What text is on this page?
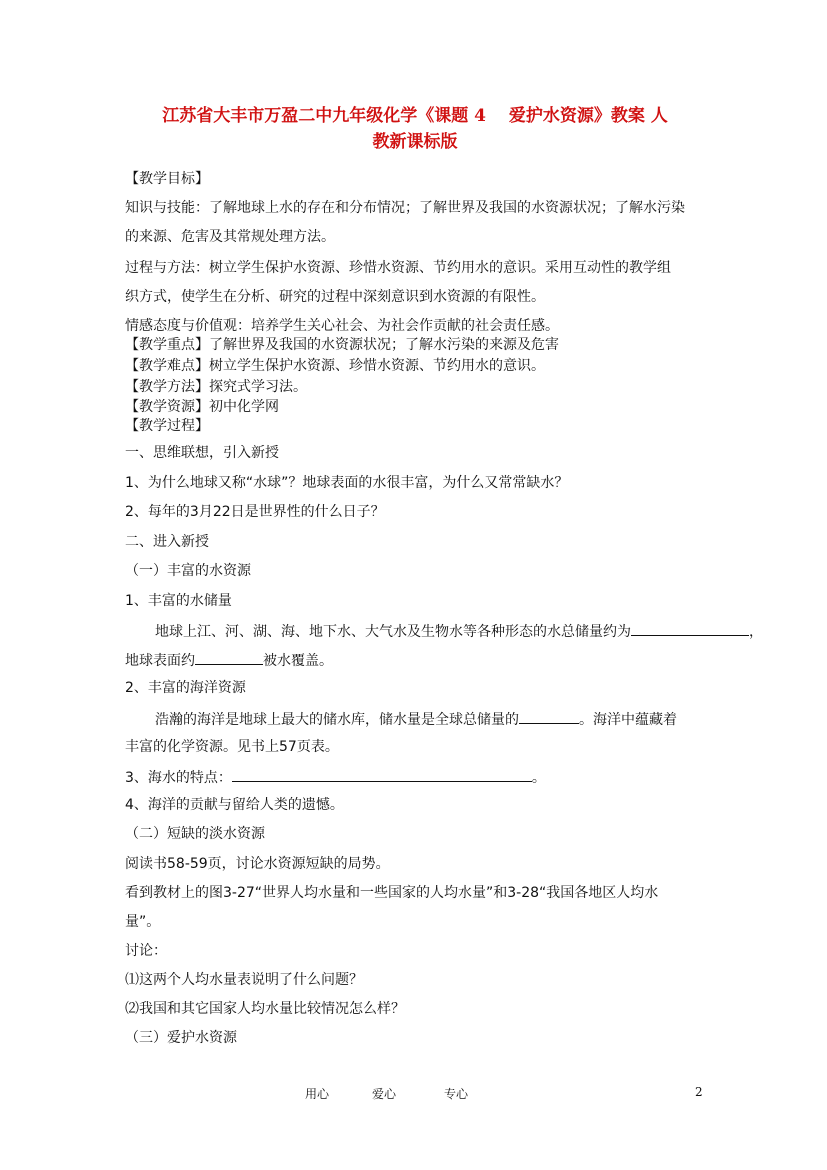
江苏省大丰市万盈二中九年级化学《课题 4　 爱护水资源》教案 人
教新课标版
【教学目标】
知识与技能：了解地球上水的存在和分布情况；了解世界及我国的水资源状况；了解水污染
的来源、危害及其常规处理方法。
过程与方法：树立学生保护水资源、珍惜水资源、节约用水的意识。采用互动性的教学组
织方式，使学生在分析、研究的过程中深刻意识到水资源的有限性。
情感态度与价值观：培养学生关心社会、为社会作贡献的社会责任感。
【教学重点】了解世界及我国的水资源状况；了解水污染的来源及危害
【教学难点】树立学生保护水资源、珍惜水资源、节约用水的意识。
【教学方法】探究式学习法。
【教学资源】初中化学网
【教学过程】
一、思维联想，引入新授
1、为什么地球又称“水球”？地球表面的水很丰富，为什么又常常缺水？
2、每年的3月22日是世界性的什么日子？
二、进入新授
（一）丰富的水资源
1、丰富的水储量
地球上江、河、湖、海、地下水、大气水及生物水等各种形态的水总储量约为	，
地球表面约	被水覆盖。
2、丰富的海洋资源
浩瀚的海洋是地球上最大的储水库，储水量是全球总储量的	。海洋中蕴藏着
丰富的化学资源。见书上57页表。
3、海水的特点：	。
4、海洋的贡献与留给人类的遗憾。
（二）短缺的淡水资源
阅读书58-59页，讨论水资源短缺的局势。
看到教材上的图3-27“世界人均水量和一些国家的人均水量”和3-28“我国各地区人均水
量”。
讨论：
⑴这两个人均水量表说明了什么问题？
⑵我国和其它国家人均水量比较情况怎么样？
（三）爱护水资源
用心	爱心	专心	2
